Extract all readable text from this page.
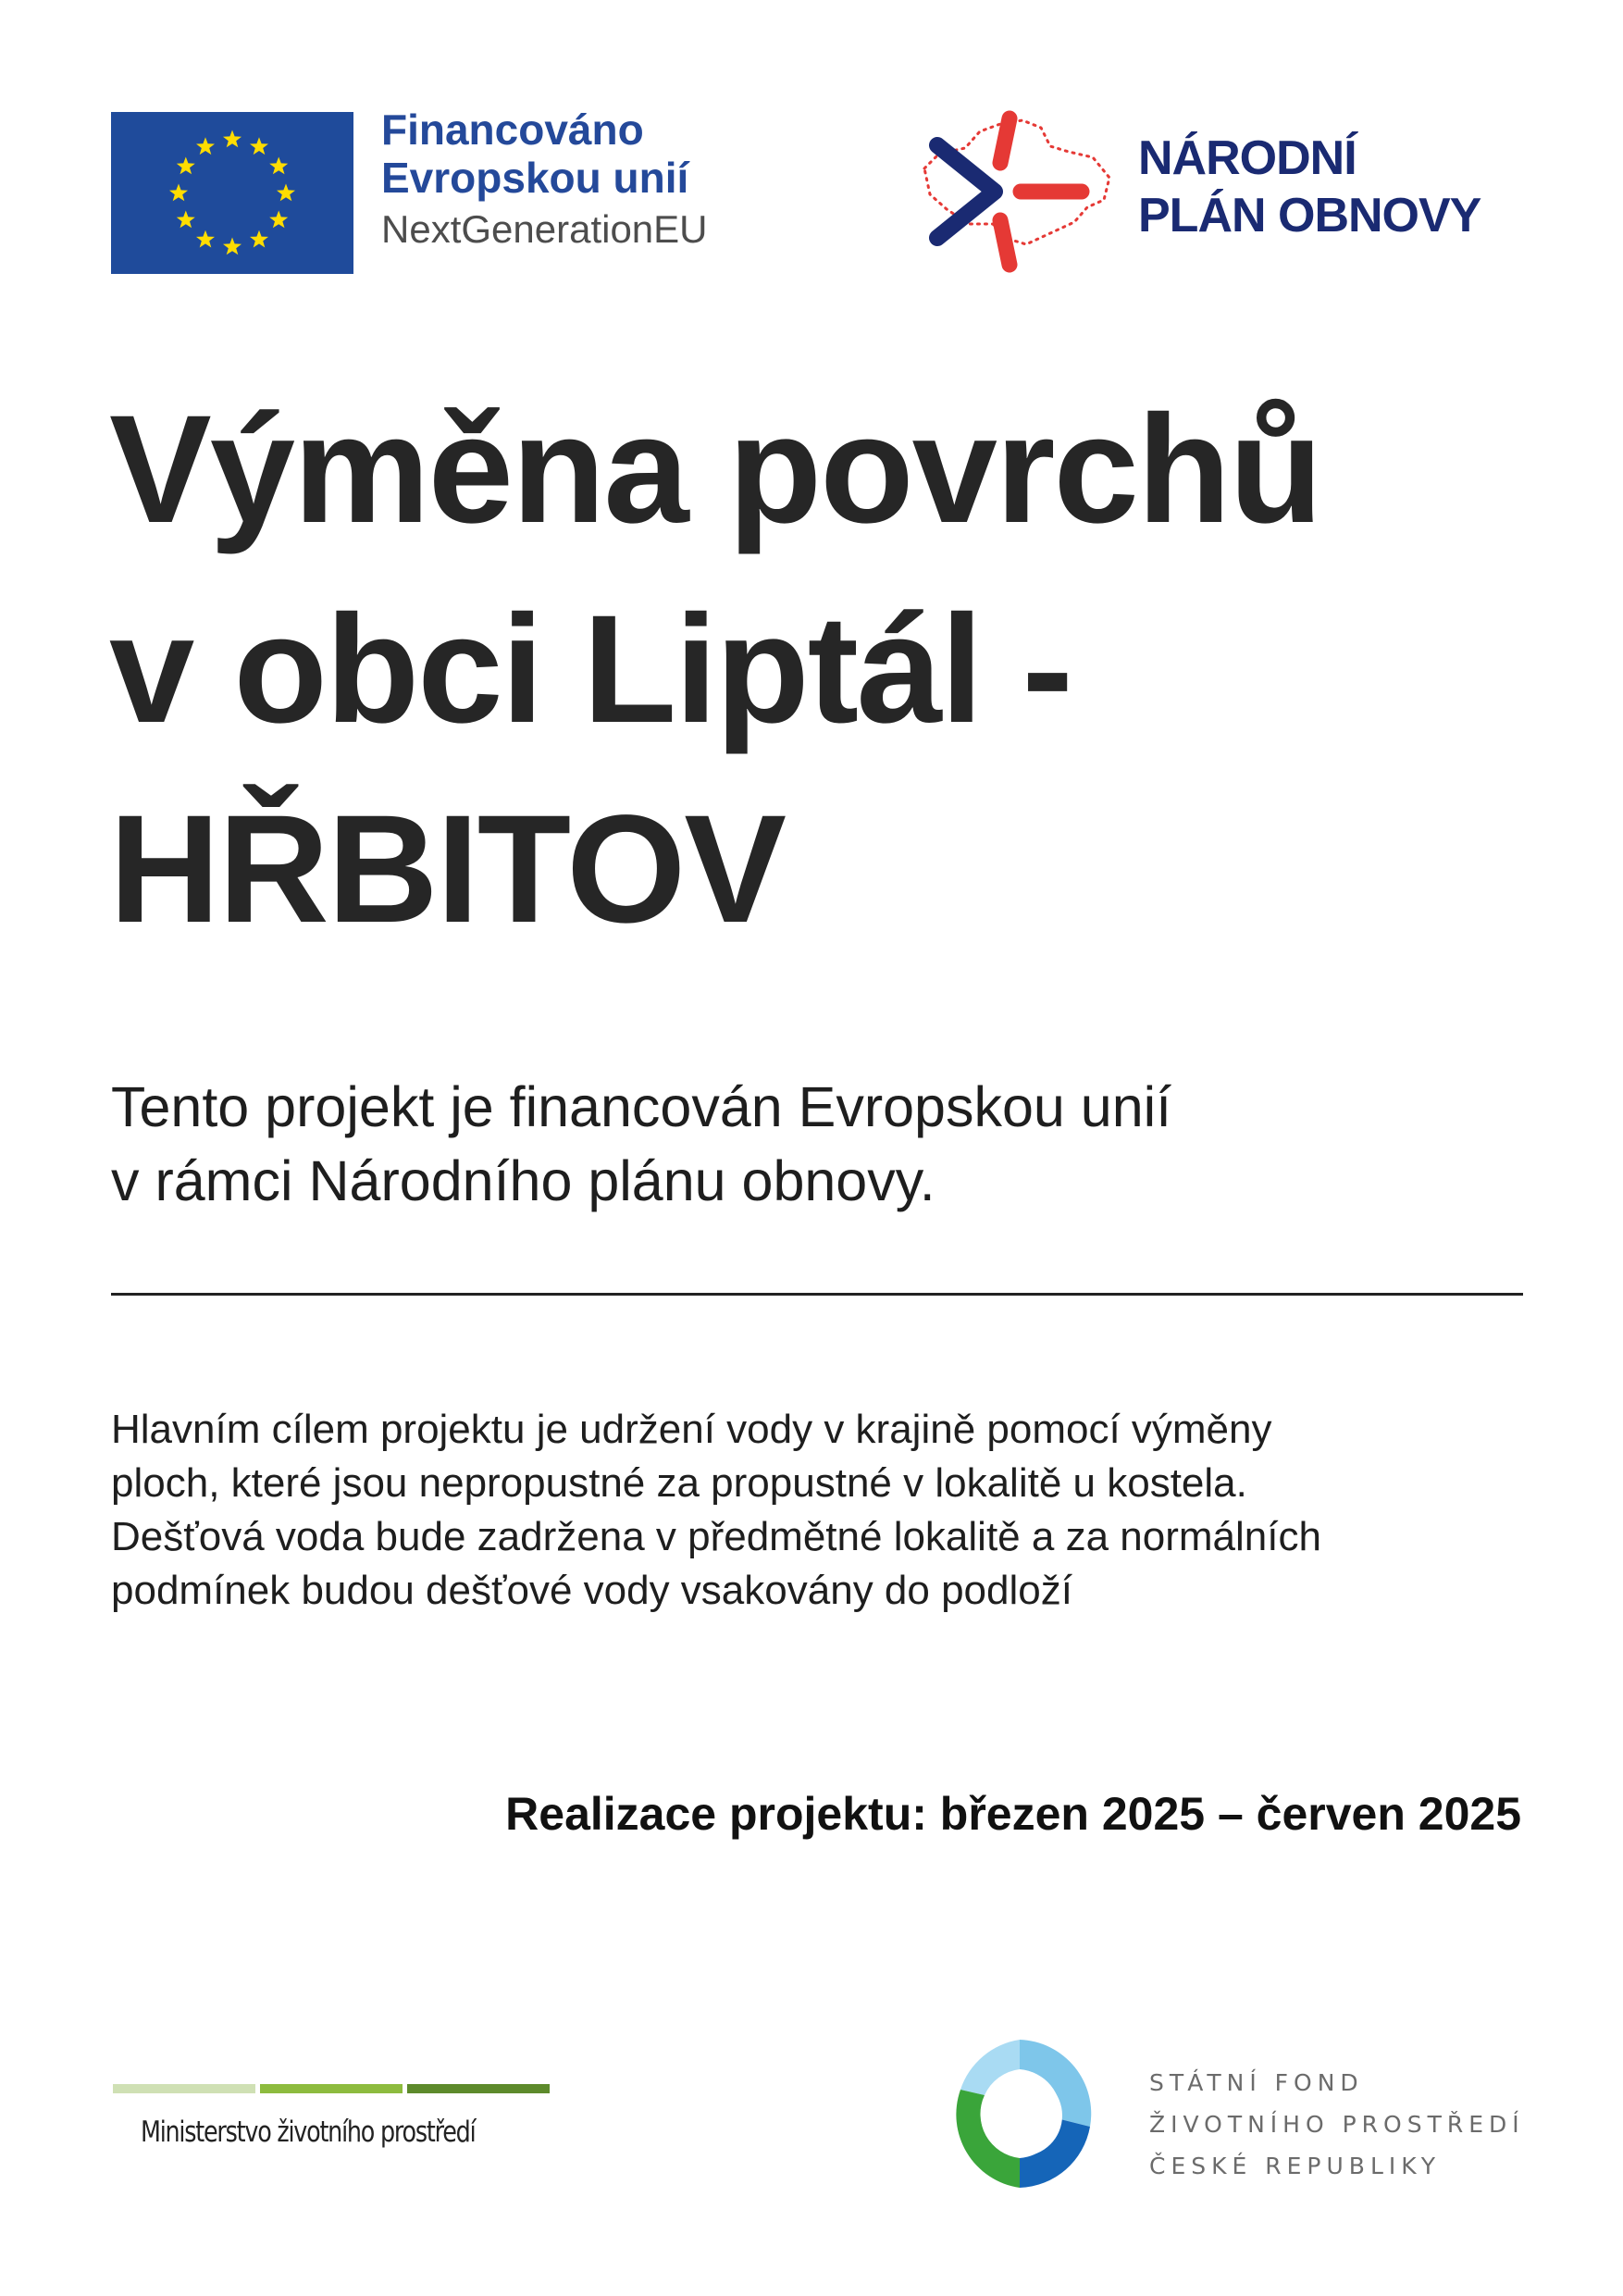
Financováno
Evropskou unií
NextGenerationEU
NÁRODNÍ
PLÁN OBNOVY
Výměna povrchů
v obci Liptál -
HŘBITOV
Tento projekt je financován Evropskou unií
v rámci Národního plánu obnovy.
Hlavním cílem projektu je udržení vody v krajině pomocí výměny
ploch, které jsou nepropustné za propustné v lokalitě u kostela.
Dešťová voda bude zadržena v předmětné lokalitě a za normálních
podmínek budou dešťové vody vsakovány do podloží
Realizace projektu: březen 2025 – červen 2025
Ministerstvo životního prostředí
STÁTNÍ FOND
ŽIVOTNÍHO PROSTŘEDÍ
ČESKÉ REPUBLIKY
